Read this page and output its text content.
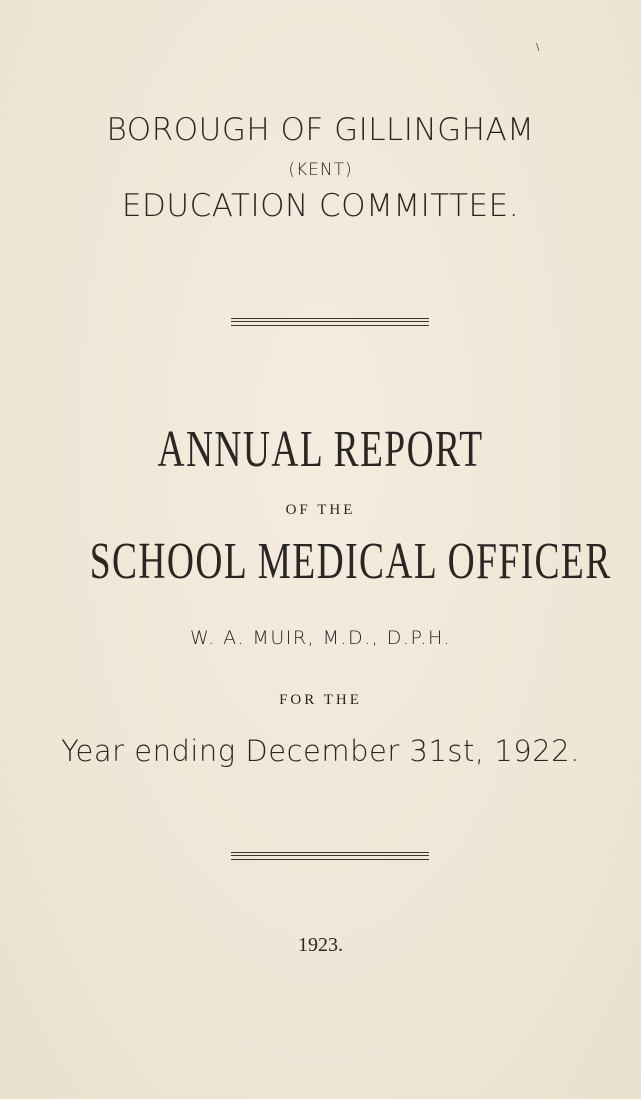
\
BOROUGH OF GILLINGHAM
(KENT)
EDUCATION COMMITTEE.
ANNUAL REPORT
OF THE
SCHOOL MEDICAL OFFICER
W. A. MUIR, M.D., D.P.H.
FOR THE
Year ending December 31st, 1922.
1923.
